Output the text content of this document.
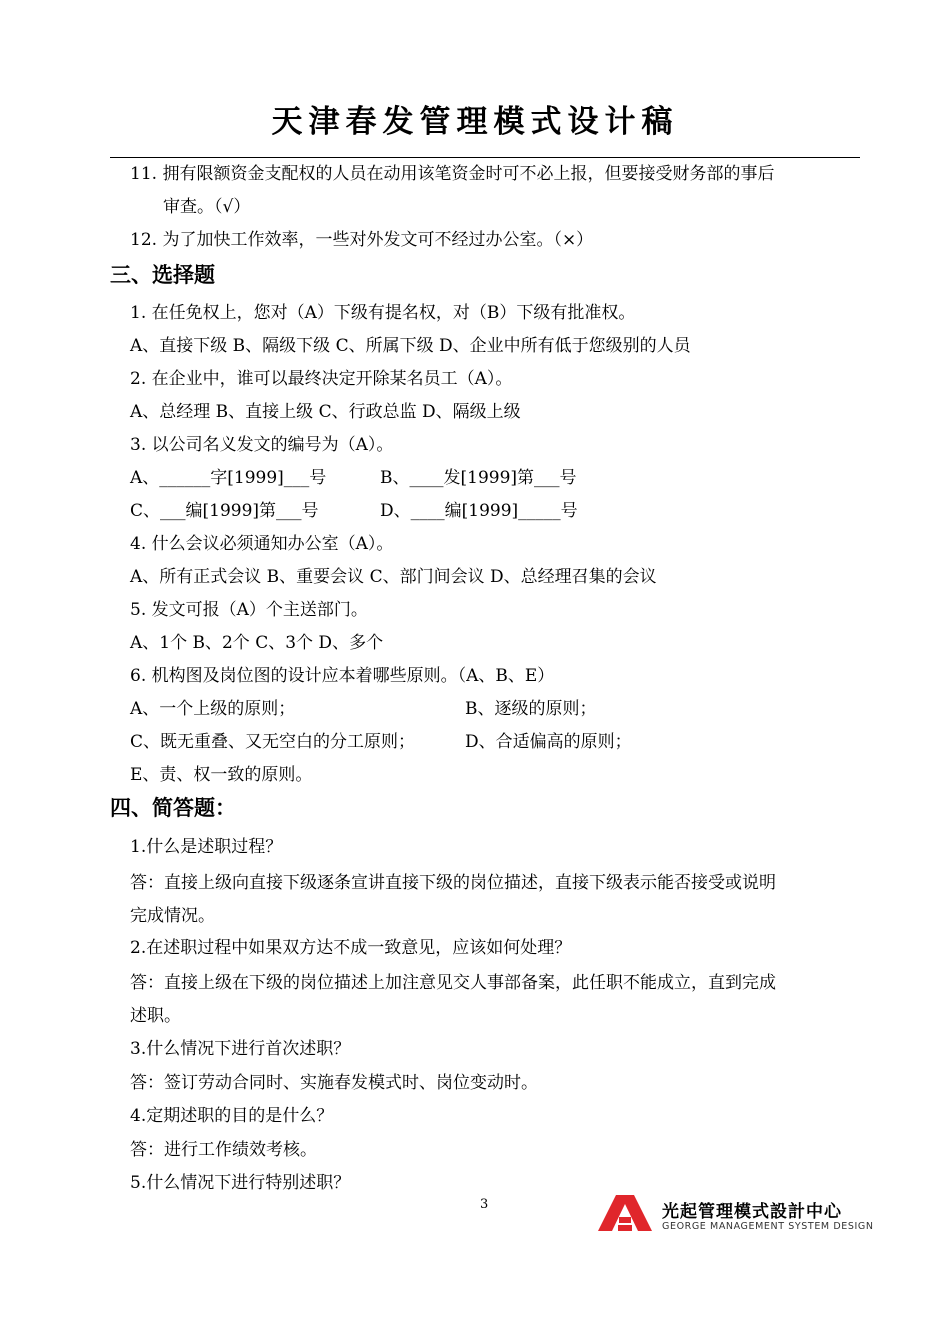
天津春发管理模式设计稿
11. 拥有限额资金支配权的人员在动用该笔资金时可不必上报，但要接受财务部的事后
审查。（√）
12. 为了加快工作效率，一些对外发文可不经过办公室。（×）
三、选择题
1. 在任免权上，您对（A）下级有提名权，对（B）下级有批准权。
A、直接下级 B、隔级下级 C、所属下级 D、企业中所有低于您级别的人员
2. 在企业中，谁可以最终决定开除某名员工（A）。
A、总经理 B、直接上级 C、行政总监 D、隔级上级
3. 以公司名义发文的编号为（A）。
A、______字[1999]___号	B、____发[1999]第___号
C、___编[1999]第___号	D、____编[1999]_____号
4. 什么会议必须通知办公室（A）。
A、所有正式会议 B、重要会议 C、部门间会议 D、总经理召集的会议
5. 发文可报（A）个主送部门。
A、1个 B、2个 C、3个 D、多个
6. 机构图及岗位图的设计应本着哪些原则。（A、B、E）
A、一个上级的原则；	B、逐级的原则；
C、既无重叠、又无空白的分工原则；	D、合适偏高的原则；
E、责、权一致的原则。
四、简答题：
1.什么是述职过程？
答：直接上级向直接下级逐条宣讲直接下级的岗位描述，直接下级表示能否接受或说明
完成情况。
2.在述职过程中如果双方达不成一致意见，应该如何处理？
答：直接上级在下级的岗位描述上加注意见交人事部备案，此任职不能成立，直到完成
述职。
3.什么情况下进行首次述职？
答：签订劳动合同时、实施春发模式时、岗位变动时。
4.定期述职的目的是什么？
答：进行工作绩效考核。
5.什么情况下进行特别述职？
3	光起管理模式設計中心
GEORGE MANAGEMENT SYSTEM DESIGN
